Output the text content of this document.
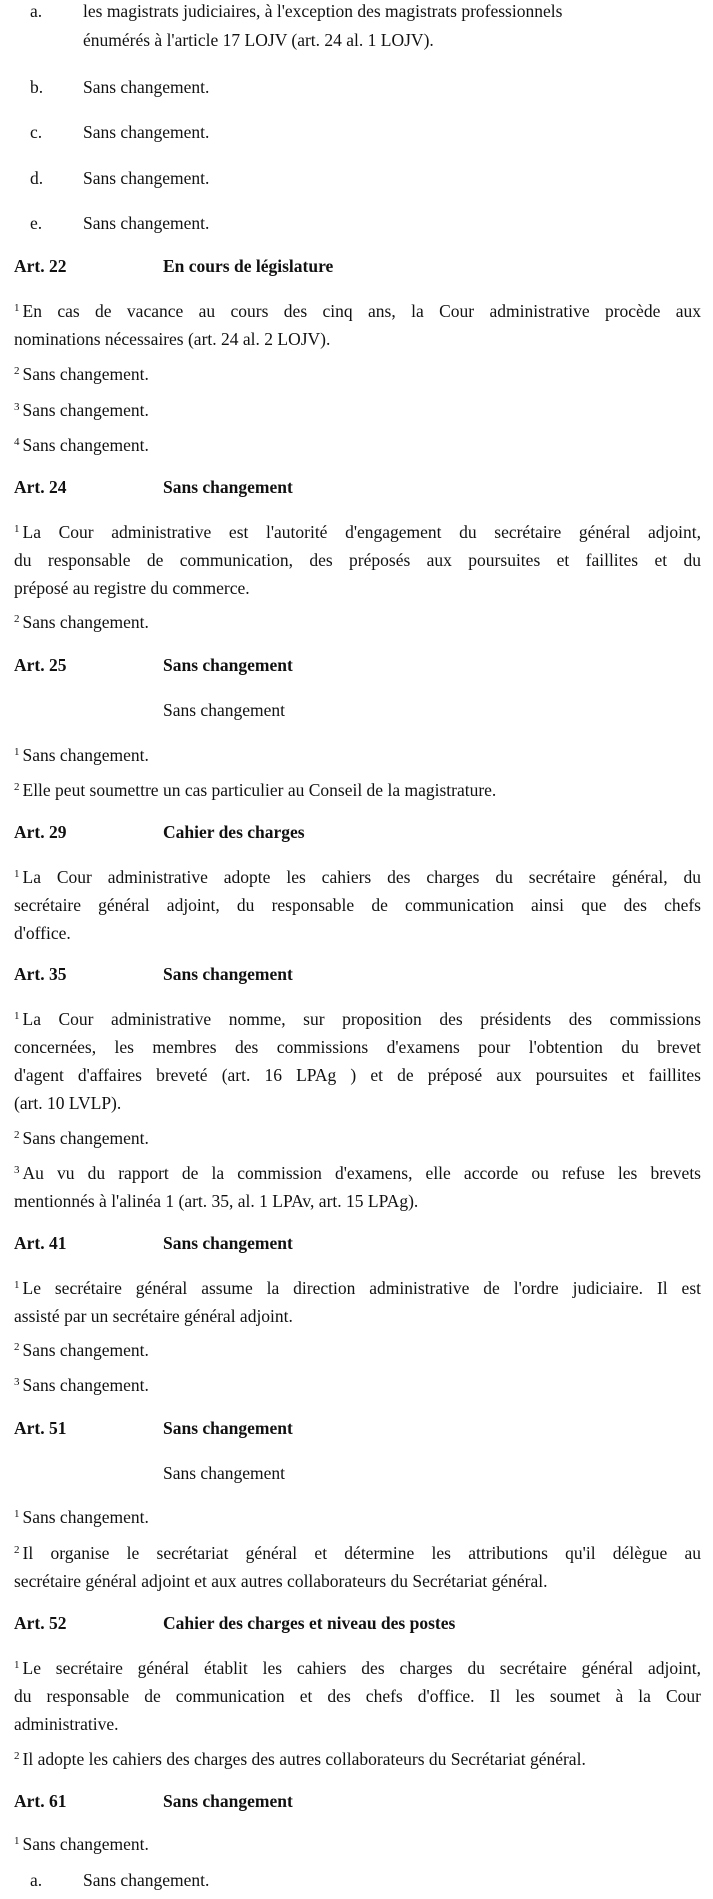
a. les magistrats judiciaires, à l'exception des magistrats professionnels
énumérés à l'article 17 LOJV (art. 24 al. 1 LOJV).
b. Sans changement.
c. Sans changement.
d. Sans changement.
e. Sans changement.
Art. 22	En cours de législature
$^1$ En cas de vacance au cours des cinq ans, la Cour administrative procède aux
nominations nécessaires (art. 24 al. 2 LOJV).
$^2$ Sans changement.
$^3$ Sans changement.
$^4$ Sans changement.
Art. 24	Sans changement
$^1$ La Cour administrative est l'autorité d'engagement du secrétaire général adjoint,
du responsable de communication, des préposés aux poursuites et faillites et du
préposé au registre du commerce.
$^2$ Sans changement.
Art. 25	Sans changement
Sans changement
$^1$ Sans changement.
$^2$ Elle peut soumettre un cas particulier au Conseil de la magistrature.
Art. 29	Cahier des charges
$^1$ La Cour administrative adopte les cahiers des charges du secrétaire général, du
secrétaire général adjoint, du responsable de communication ainsi que des chefs
d'office.
Art. 35	Sans changement
$^1$ La Cour administrative nomme, sur proposition des présidents des commissions
concernées, les membres des commissions d'examens pour l'obtention du brevet
d'agent d'affaires breveté (art. 16 LPAg ) et de préposé aux poursuites et faillites
(art. 10 LVLP).
$^2$ Sans changement.
$^3$ Au vu du rapport de la commission d'examens, elle accorde ou refuse les brevets
mentionnés à l'alinéa 1 (art. 35, al. 1 LPAv, art. 15 LPAg).
Art. 41	Sans changement
$^1$ Le secrétaire général assume la direction administrative de l'ordre judiciaire. Il est
assisté par un secrétaire général adjoint.
$^2$ Sans changement.
$^3$ Sans changement.
Art. 51	Sans changement
Sans changement
$^1$ Sans changement.
$^2$ Il organise le secrétariat général et détermine les attributions qu'il délègue au
secrétaire général adjoint et aux autres collaborateurs du Secrétariat général.
Art. 52	Cahier des charges et niveau des postes
$^1$ Le secrétaire général établit les cahiers des charges du secrétaire général adjoint,
du responsable de communication et des chefs d'office. Il les soumet à la Cour
administrative.
$^2$ Il adopte les cahiers des charges des autres collaborateurs du Secrétariat général.
Art. 61	Sans changement
$^1$ Sans changement.
a. Sans changement.
